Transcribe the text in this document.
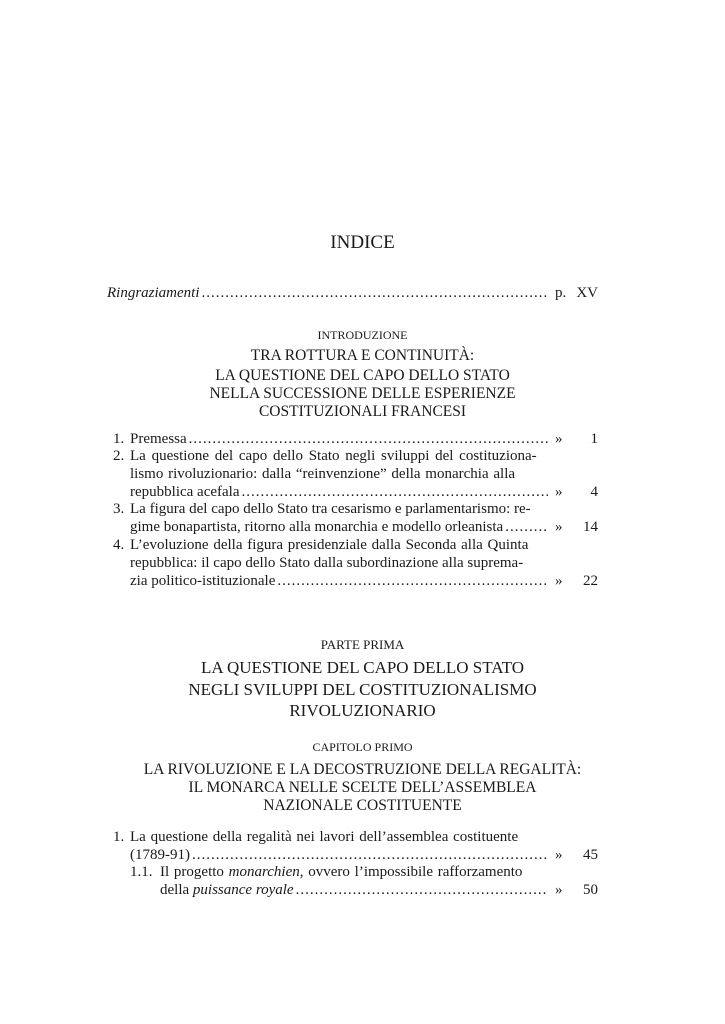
INDICE
Ringraziamenti .....	p. XV
INTRODUZIONE
TRA ROTTURA E CONTINUITÀ:
LA QUESTIONE DEL CAPO DELLO STATO
NELLA SUCCESSIONE DELLE ESPERIENZE
COSTITUZIONALI FRANCESI
1. Premessa .....	»	1
2. La questione del capo dello Stato negli sviluppi del costituziona-
lismo rivoluzionario: dalla “reinvenzione” della monarchia alla
repubblica acefala .....	»	4
3. La figura del capo dello Stato tra cesarismo e parlamentarismo: re-
gime bonapartista, ritorno alla monarchia e modello orleanista .....	»	14
4. L’evoluzione della figura presidenziale dalla Seconda alla Quinta
repubblica: il capo dello Stato dalla subordinazione alla suprema-
zia politico-istituzionale .....	»	22
PARTE PRIMA
LA QUESTIONE DEL CAPO DELLO STATO
NEGLI SVILUPPI DEL COSTITUZIONALISMO
RIVOLUZIONARIO
CAPITOLO PRIMO
LA RIVOLUZIONE E LA DECOSTRUZIONE DELLA REGALITÀ:
IL MONARCA NELLE SCELTE DELL’ASSEMBLEA
NAZIONALE COSTITUENTE
1. La questione della regalità nei lavori dell’assemblea costituente
(1789-91) .....	»	45
1.1. Il progetto monarchien, ovvero l’impossibile rafforzamento
della puissance royale .....	»	50
